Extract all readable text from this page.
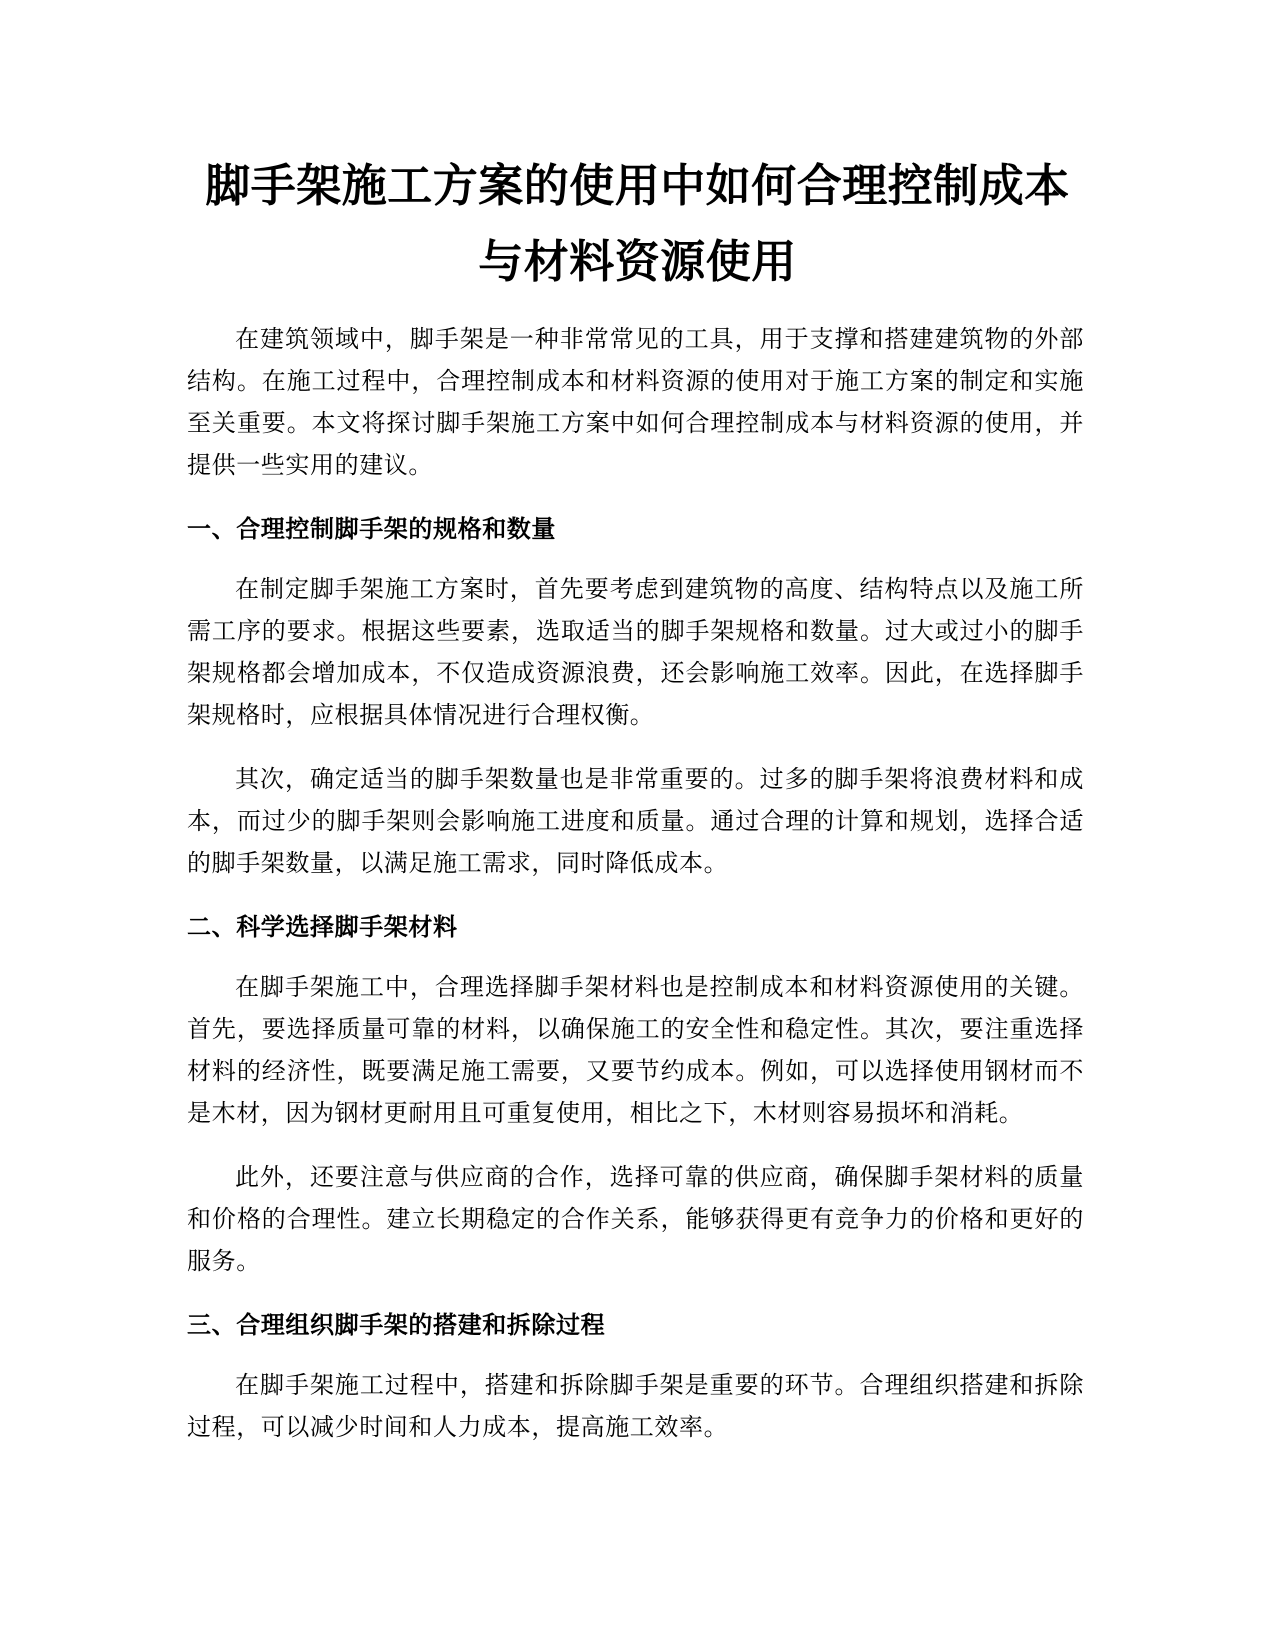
脚手架施工方案的使用中如何合理控制成本
与材料资源使用

在建筑领域中，脚手架是一种非常常见的工具，用于支撑和搭建建筑物的外部结构。在施工过程中，合理控制成本和材料资源的使用对于施工方案的制定和实施至关重要。本文将探讨脚手架施工方案中如何合理控制成本与材料资源的使用，并提供一些实用的建议。

一、合理控制脚手架的规格和数量

在制定脚手架施工方案时，首先要考虑到建筑物的高度、结构特点以及施工所需工序的要求。根据这些要素，选取适当的脚手架规格和数量。过大或过小的脚手架规格都会增加成本，不仅造成资源浪费，还会影响施工效率。因此，在选择脚手架规格时，应根据具体情况进行合理权衡。

其次，确定适当的脚手架数量也是非常重要的。过多的脚手架将浪费材料和成本，而过少的脚手架则会影响施工进度和质量。通过合理的计算和规划，选择合适的脚手架数量，以满足施工需求，同时降低成本。

二、科学选择脚手架材料

在脚手架施工中，合理选择脚手架材料也是控制成本和材料资源使用的关键。首先，要选择质量可靠的材料，以确保施工的安全性和稳定性。其次，要注重选择材料的经济性，既要满足施工需要，又要节约成本。例如，可以选择使用钢材而不是木材，因为钢材更耐用且可重复使用，相比之下，木材则容易损坏和消耗。

此外，还要注意与供应商的合作，选择可靠的供应商，确保脚手架材料的质量和价格的合理性。建立长期稳定的合作关系，能够获得更有竞争力的价格和更好的服务。

三、合理组织脚手架的搭建和拆除过程

在脚手架施工过程中，搭建和拆除脚手架是重要的环节。合理组织搭建和拆除过程，可以减少时间和人力成本，提高施工效率。
